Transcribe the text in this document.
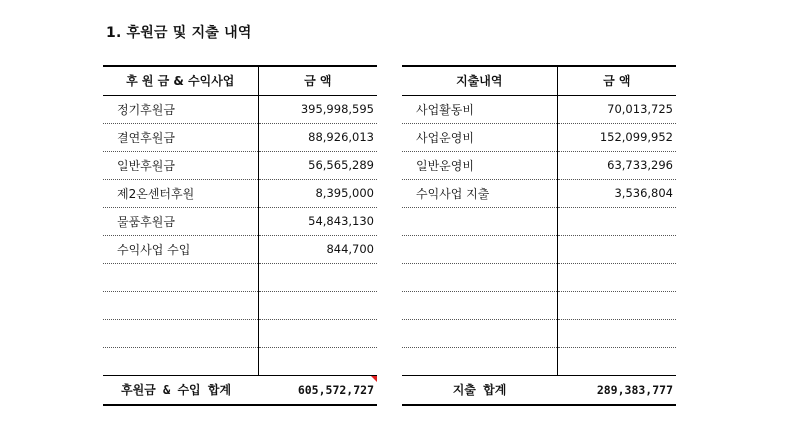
1. 후원금 및 지출 내역
후 원 금 & 수익사업	금 액
정기후원금	395,998,595
결연후원금	88,926,013
일반후원금	56,565,289
제2온센터후원	8,395,000
물품후원금	54,843,130
수익사업 수입	844,700

후원금 & 수입 합계	605,572,727
지출내역	금 액
사업활동비	70,013,725
사업운영비	152,099,952
일반운영비	63,733,296
수익사업 지출	3,536,804

지출 합계	289,383,777
